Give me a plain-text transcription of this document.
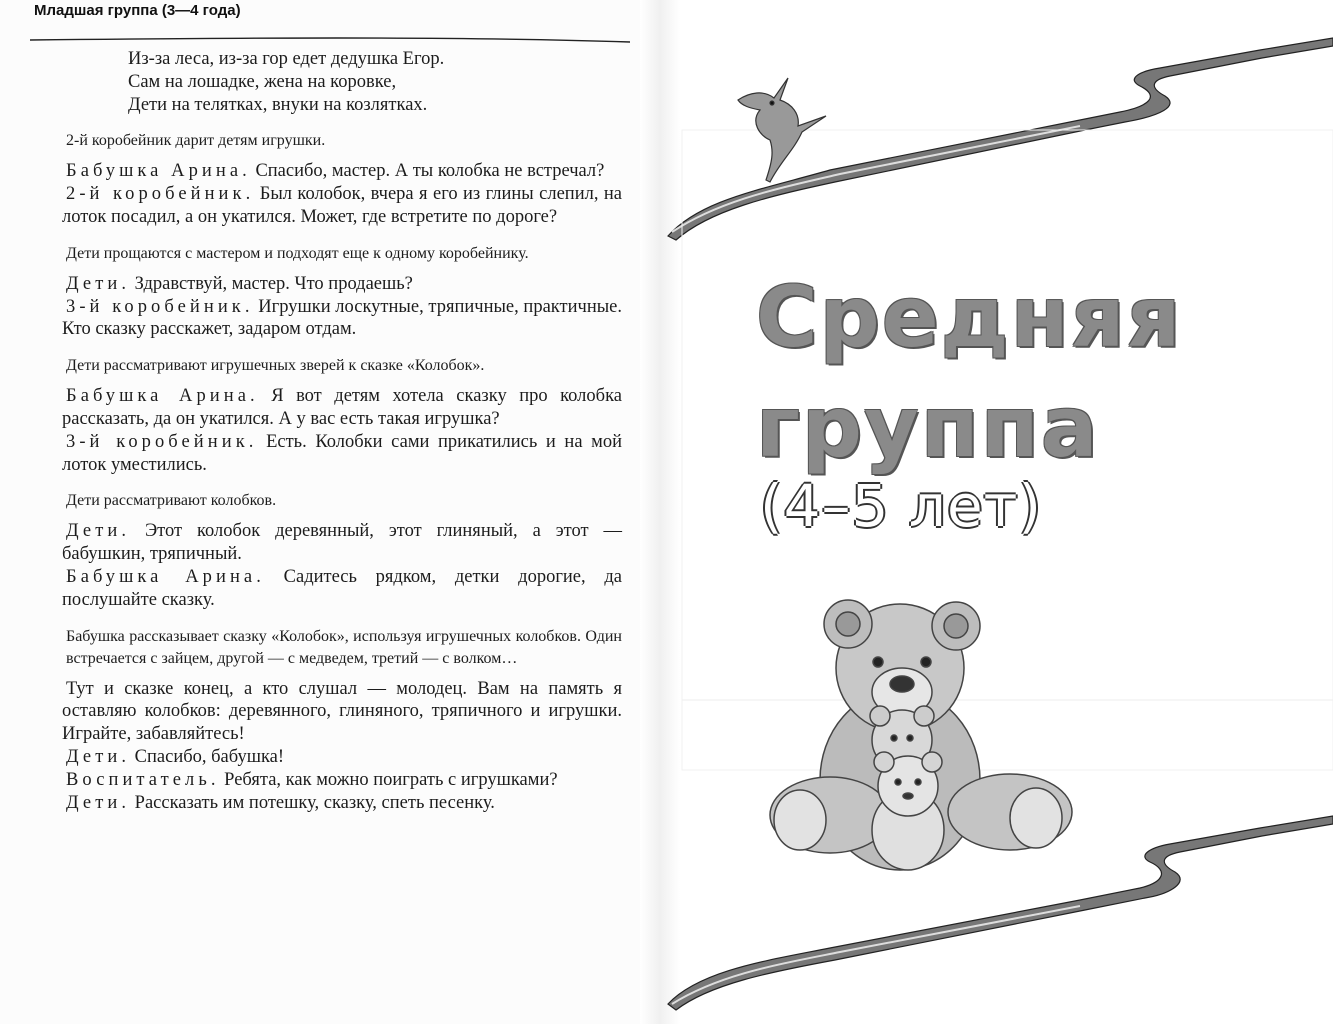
Младшая группа (3—4 года)
Из-за леса, из-за гор едет дедушка Егор.
Сам на лошадке, жена на коровке,
Дети на телятках, внуки на козлятках.
2-й коробейник дарит детям игрушки.
Бабушка Арина. Спасибо, мастер. А ты колобка не встречал?
2-й коробейник. Был колобок, вчера я его из глины слепил, на лоток посадил, а он укатился. Может, где встретите по дороге?
Дети прощаются с мастером и подходят еще к одному коробейнику.
Дети. Здравствуй, мастер. Что продаешь?
3-й коробейник. Игрушки лоскутные, тряпичные, практичные. Кто сказку расскажет, задаром отдам.
Дети рассматривают игрушечных зверей к сказке «Колобок».
Бабушка Арина. Я вот детям хотела сказку про колобка рассказать, да он укатился. А у вас есть такая игрушка?
3-й коробейник. Есть. Колобки сами прикатились и на мой лоток уместились.
Дети рассматривают колобков.
Дети. Этот колобок деревянный, этот глиняный, а этот — бабушкин, тряпичный.
Бабушка Арина. Садитесь рядком, детки дорогие, да послушайте сказку.
Бабушка рассказывает сказку «Колобок», используя игрушечных колобков. Один встречается с зайцем, другой — с медведем, третий — с волком…
Тут и сказке конец, а кто слушал — молодец. Вам на память я оставляю колобков: деревянного, глиняного, тряпичного и игрушки. Играйте, забавляйтесь!
Дети. Спасибо, бабушка!
Воспитатель. Ребята, как можно поиграть с игрушками?
Дети. Рассказать им потешку, сказку, спеть песенку.
Средняя
группа
(4–5 лет)
